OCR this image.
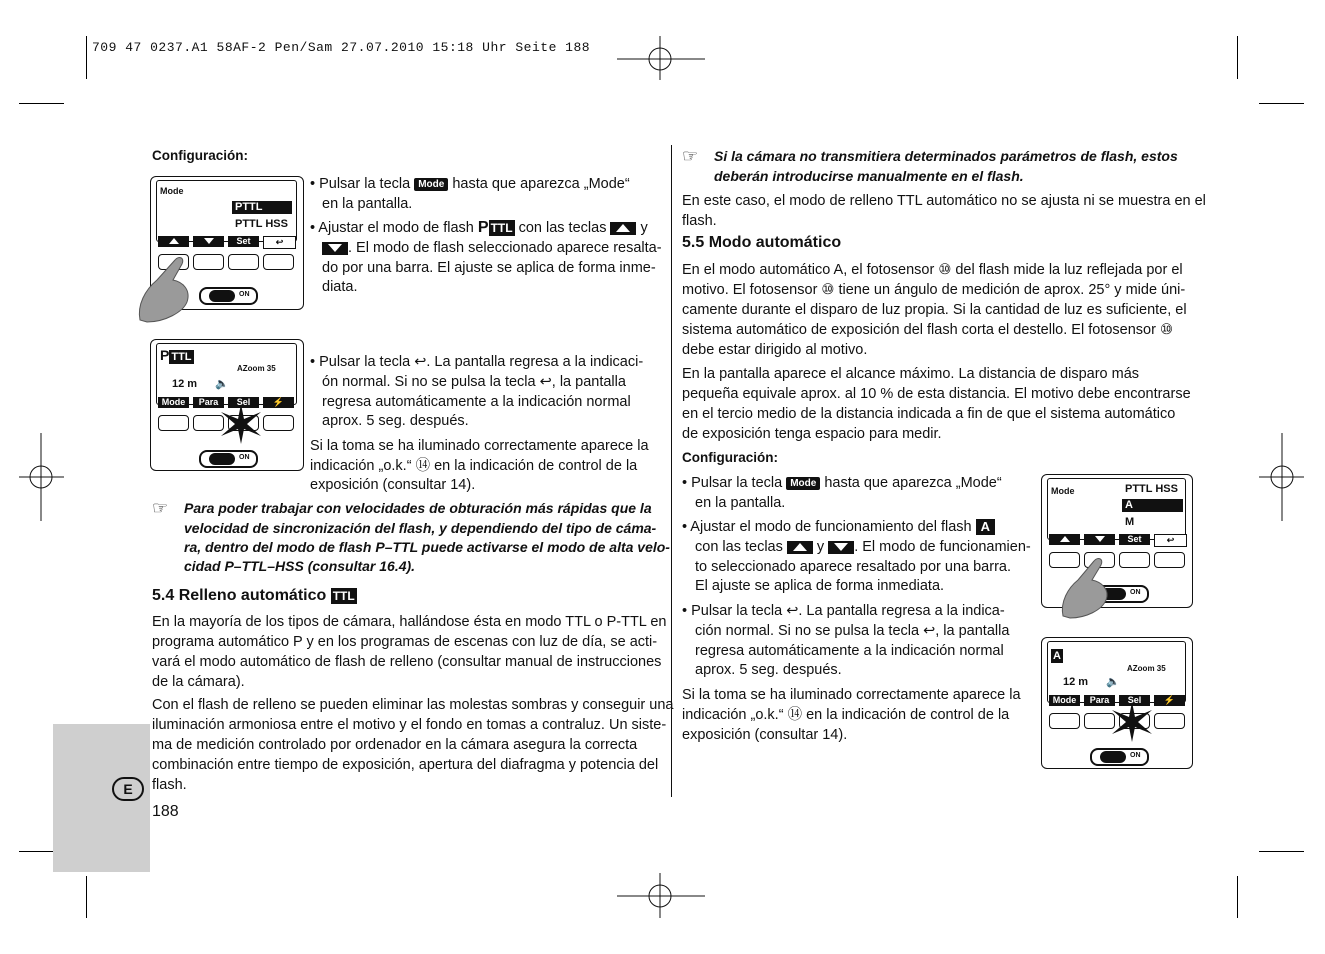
709 47 0237.A1 58AF-2 Pen/Sam 27.07.2010 15:18 Uhr Seite 188
E
188
Configuración:
Mode
PTTL
PTTL HSS
Set	↩
ON
• Pulsar la tecla Mode hasta que aparezca „Mode“
en la pantalla.
• Ajustar el modo de flash P TTL con las teclas  y
. El modo de flash seleccionado aparece resalta-
do por una barra. El ajuste se aplica de forma inme-
diata.
P TTL
AZoom 35
12 m 🔈
Mode	Para	Sel	⚡
ON
• Pulsar la tecla ↩. La pantalla regresa a la indicaci-
ón normal. Si no se pulsa la tecla ↩, la pantalla
regresa automáticamente a la indicación normal
aprox. 5 seg. después.
Si la toma se ha iluminado correctamente aparece la
indicación „o.k.“ ⑭ en la indicación de control de la
exposición (consultar 14).
☞ Para poder trabajar con velocidades de obturación más rápidas que la
velocidad de sincronización del flash, y dependiendo del tipo de cáma-
ra, dentro del modo de flash P–TTL puede activarse el modo de alta velo-
cidad P–TTL–HSS (consultar 16.4).
5.4 Relleno automático TTL
En la mayoría de los tipos de cámara, hallándose ésta en modo TTL o P-TTL en
programa automático P y en los programas de escenas con luz de día, se acti-
vará el modo automático de flash de relleno (consultar manual de instrucciones
de la cámara).
Con el flash de relleno se pueden eliminar las molestas sombras y conseguir una
iluminación armoniosa entre el motivo y el fondo en tomas a contraluz. Un siste-
ma de medición controlado por ordenador en la cámara asegura la correcta
combinación entre tiempo de exposición, apertura del diafragma y potencia del
flash.
☞ Si la cámara no transmitiera determinados parámetros de flash, estos
deberán introducirse manualmente en el flash.
En este caso, el modo de relleno TTL automático no se ajusta ni se muestra en el
flash.
5.5 Modo automático
En el modo automático A, el fotosensor ⑩ del flash mide la luz reflejada por el
motivo. El fotosensor ⑩ tiene un ángulo de medición de aprox. 25° y mide úni-
camente durante el disparo de luz propia. Si la cantidad de luz es suficiente, el
sistema automático de exposición del flash corta el destello. El fotosensor ⑩
debe estar dirigido al motivo.
En la pantalla aparece el alcance máximo. La distancia de disparo más
pequeña equivale aprox. al 10 % de esta distancia. El motivo debe encontrarse
en el tercio medio de la distancia indicada a fin de que el sistema automático
de exposición tenga espacio para medir.
Configuración:
• Pulsar la tecla Mode hasta que aparezca „Mode“
en la pantalla.
• Ajustar el modo de funcionamiento del flash A
con las teclas  y . El modo de funcionamien-
to seleccionado aparece resaltado por una barra.
El ajuste se aplica de forma inmediata.
• Pulsar la tecla ↩. La pantalla regresa a la indica-
ción normal. Si no se pulsa la tecla ↩, la pantalla
regresa automáticamente a la indicación normal
aprox. 5 seg. después.
Si la toma se ha iluminado correctamente aparece la
indicación „o.k.“ ⑭ en la indicación de control de la
exposición (consultar 14).
Mode	PTTL HSS
A
M
Set	↩
ON
A
AZoom 35
12 m 🔈
Mode	Para	Sel	⚡
ON
